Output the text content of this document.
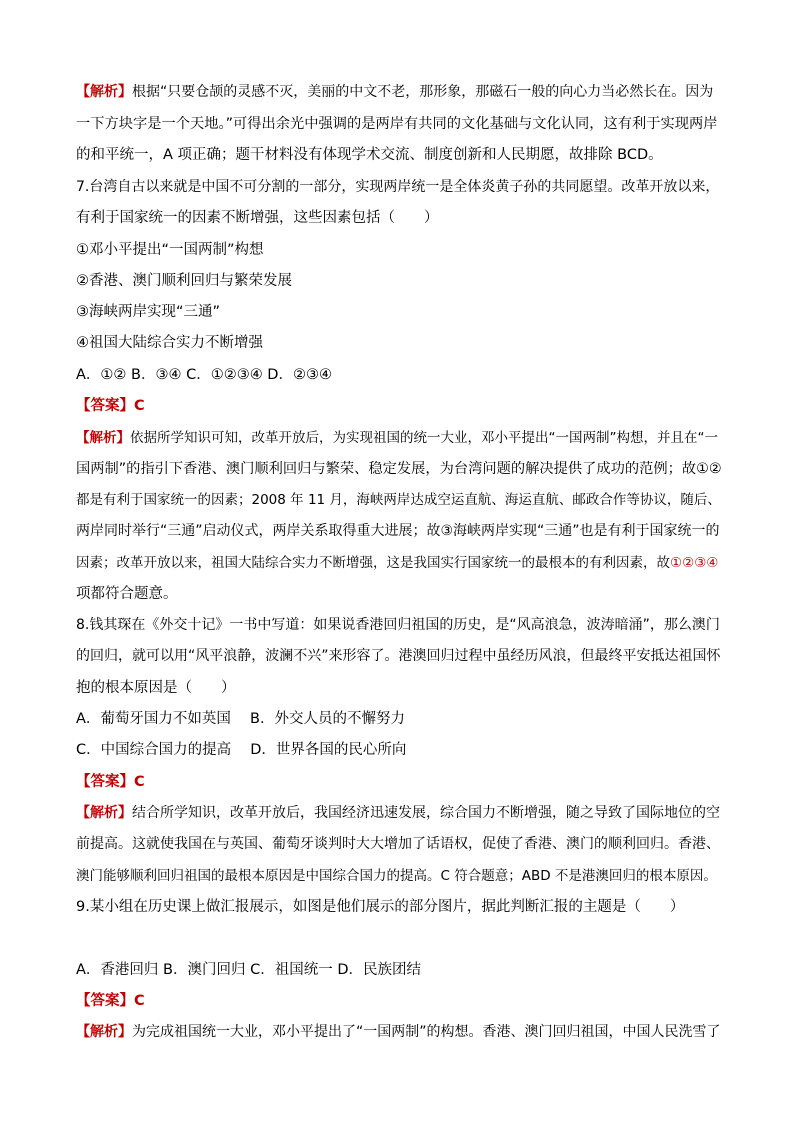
【解析】根据“只要仓颉的灵感不灭，美丽的中文不老，那形象，那磁石一般的向心力当必然长在。因为
一下方块字是一个天地。”可得出余光中强调的是两岸有共同的文化基础与文化认同，这有利于实现两岸
的和平统一，A 项正确；题干材料没有体现学术交流、制度创新和人民期愿，故排除 BCD。
7.台湾自古以来就是中国不可分割的一部分，实现两岸统一是全体炎黄子孙的共同愿望。改革开放以来，
有利于国家统一的因素不断增强，这些因素包括（　　）
①邓小平提出“一国两制”构想
②香港、澳门顺利回归与繁荣发展
③海峡两岸实现“三通”
④祖国大陆综合实力不断增强
A．①② B．③④ C．①②③④ D．②③④
【答案】C
【解析】依据所学知识可知，改革开放后，为实现祖国的统一大业，邓小平提出“一国两制”构想，并且在“一
国两制”的指引下香港、澳门顺利回归与繁荣、稳定发展，为台湾问题的解决提供了成功的范例；故①②
都是有利于国家统一的因素；2008 年 11 月，海峡两岸达成空运直航、海运直航、邮政合作等协议，随后、
两岸同时举行“三通”启动仪式，两岸关系取得重大进展；故③海峡两岸实现“三通”也是有利于国家统一的
因素；改革开放以来，祖国大陆综合实力不断增强，这是我国实行国家统一的最根本的有利因素，故①②③④
项都符合题意。
8.钱其琛在《外交十记》一书中写道：如果说香港回归祖国的历史，是“风高浪急，波涛暗涌”，那么澳门
的回归，就可以用“风平浪静，波澜不兴”来形容了。港澳回归过程中虽经历风浪，但最终平安抵达祖国怀
抱的根本原因是（　　）
A．葡萄牙国力不如英国　 B．外交人员的不懈努力
C．中国综合国力的提高　 D．世界各国的民心所向
【答案】C
【解析】结合所学知识，改革开放后，我国经济迅速发展，综合国力不断增强，随之导致了国际地位的空
前提高。这就使我国在与英国、葡萄牙谈判时大大增加了话语权，促使了香港、澳门的顺利回归。香港、
澳门能够顺利回归祖国的最根本原因是中国综合国力的提高。C 符合题意；ABD 不是港澳回归的根本原因。
9.某小组在历史课上做汇报展示，如图是他们展示的部分图片，据此判断汇报的主题是（　　）
A．香港回归 B．澳门回归 C．祖国统一 D．民族团结
【答案】C
【解析】为完成祖国统一大业，邓小平提出了“一国两制”的构想。香港、澳门回归祖国，中国人民洗雪了
